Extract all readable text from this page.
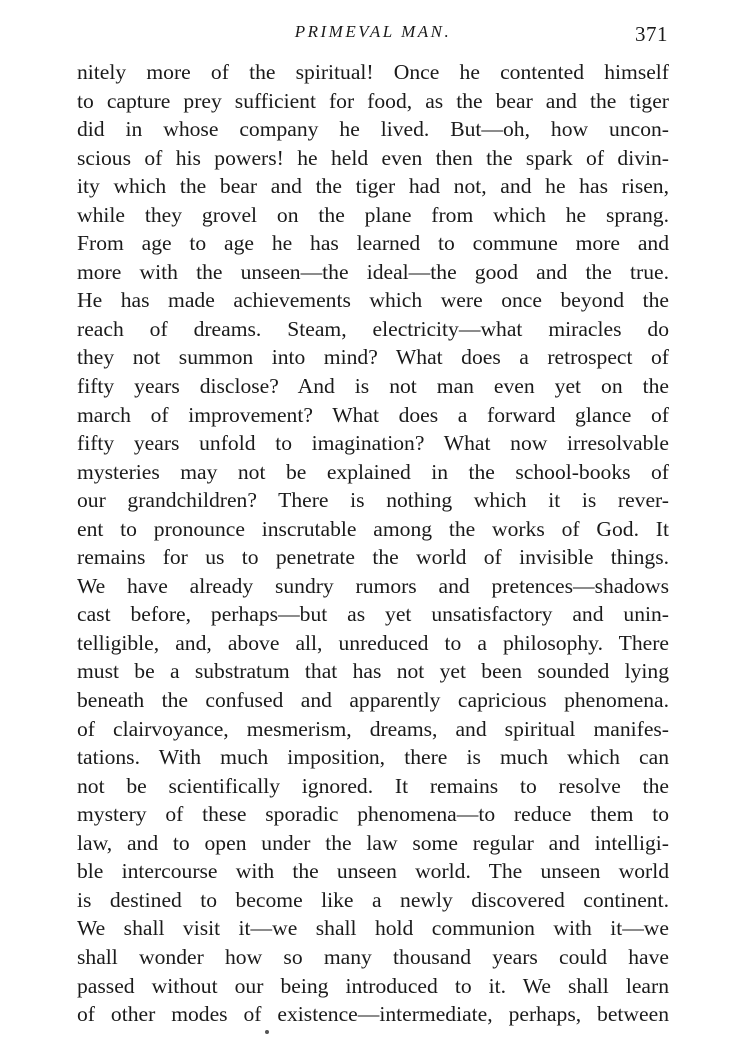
PRIMEVAL MAN.	371
nitely more of the spiritual! Once he contented himself
to capture prey sufficient for food, as the bear and the tiger
did in whose company he lived. But—oh, how uncon-
scious of his powers! he held even then the spark of divin-
ity which the bear and the tiger had not, and he has risen,
while they grovel on the plane from which he sprang.
From age to age he has learned to commune more and
more with the unseen—the ideal—the good and the true.
He has made achievements which were once beyond the
reach of dreams. Steam, electricity—what miracles do
they not summon into mind? What does a retrospect of
fifty years disclose? And is not man even yet on the
march of improvement? What does a forward glance of
fifty years unfold to imagination? What now irresolvable
mysteries may not be explained in the school-books of
our grandchildren? There is nothing which it is rever-
ent to pronounce inscrutable among the works of God. It
remains for us to penetrate the world of invisible things.
We have already sundry rumors and pretences—shadows
cast before, perhaps—but as yet unsatisfactory and unin-
telligible, and, above all, unreduced to a philosophy. There
must be a substratum that has not yet been sounded lying
beneath the confused and apparently capricious phenomena.
of clairvoyance, mesmerism, dreams, and spiritual manifes-
tations. With much imposition, there is much which can
not be scientifically ignored. It remains to resolve the
mystery of these sporadic phenomena—to reduce them to
law, and to open under the law some regular and intelligi-
ble intercourse with the unseen world. The unseen world
is destined to become like a newly discovered continent.
We shall visit it—we shall hold communion with it—we
shall wonder how so many thousand years could have
passed without our being introduced to it. We shall learn
of other modes of existence—intermediate, perhaps, between
